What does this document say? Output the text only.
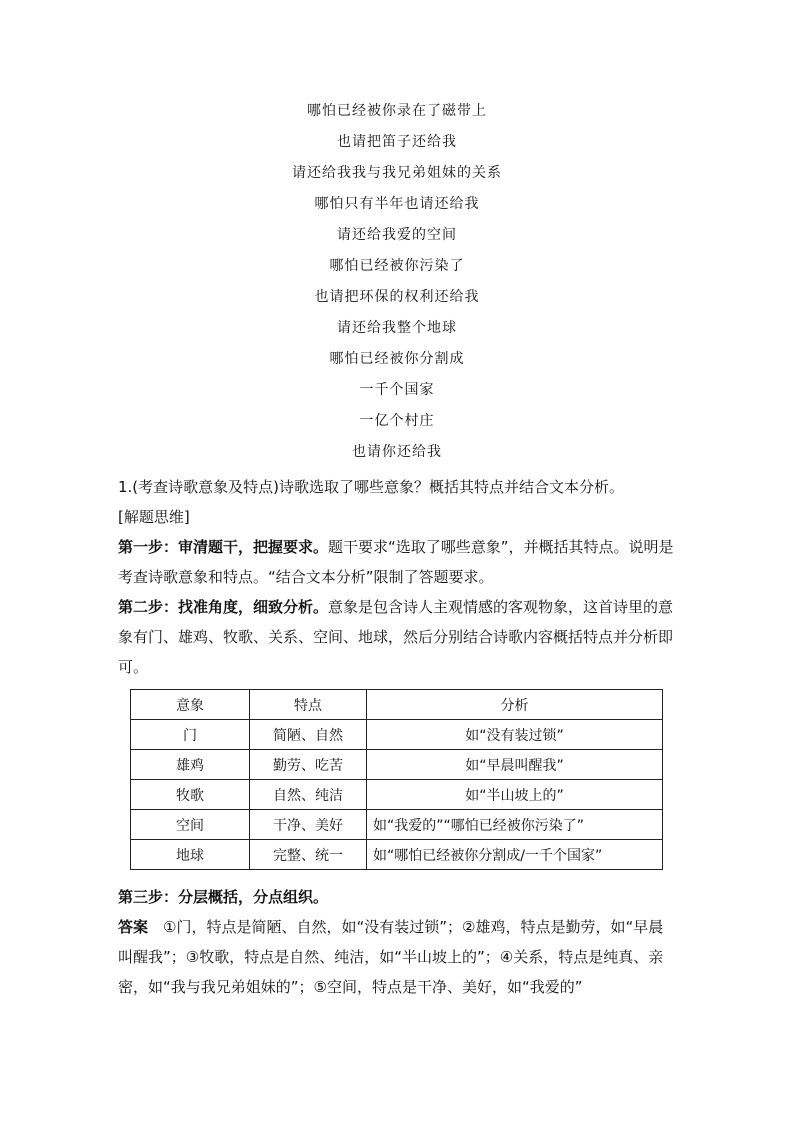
哪怕已经被你录在了磁带上
也请把笛子还给我
请还给我我与我兄弟姐妹的关系
哪怕只有半年也请还给我
请还给我爱的空间
哪怕已经被你污染了
也请把环保的权利还给我
请还给我整个地球
哪怕已经被你分割成
一千个国家
一亿个村庄
也请你还给我

1.(考查诗歌意象及特点)诗歌选取了哪些意象？概括其特点并结合文本分析。

[解题思维]

第一步：审清题干，把握要求。题干要求“选取了哪些意象”，并概括其特点。说明是考查诗歌意象和特点。“结合文本分析”限制了答题要求。

第二步：找准角度，细致分析。意象是包含诗人主观情感的客观物象，这首诗里的意象有门、雄鸡、牧歌、关系、空间、地球，然后分别结合诗歌内容概括特点并分析即可。

意象	特点	分析
门	简陋、自然	如“没有装过锁”
雄鸡	勤劳、吃苦	如“早晨叫醒我”
牧歌	自然、纯洁	如“半山坡上的”
空间	干净、美好	如“我爱的”“哪怕已经被你污染了”
地球	完整、统一	如“哪怕已经被你分割成/一千个国家”

第三步：分层概括，分点组织。

答案　 ①门，特点是简陋、自然，如“没有装过锁”；②雄鸡，特点是勤劳，如“早晨叫醒我”；③牧歌，特点是自然、纯洁，如“半山坡上的”；④关系，特点是纯真、亲密，如“我与我兄弟姐妹的”；⑤空间，特点是干净、美好，如“我爱的”
